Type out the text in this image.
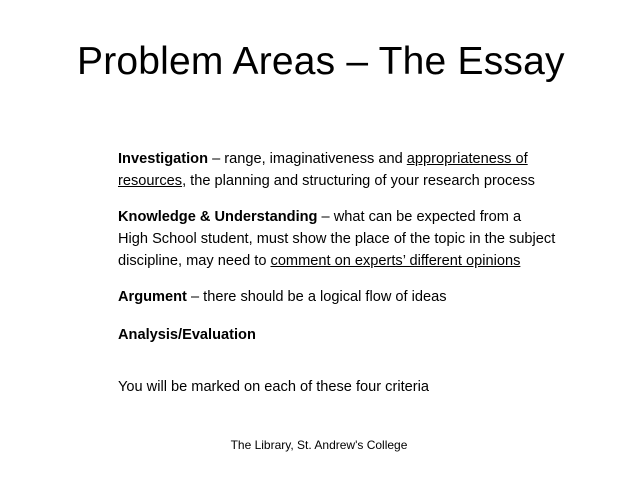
Problem Areas – The Essay

Investigation – range, imaginativeness and appropriateness of
resources, the planning and structuring of your research process

Knowledge & Understanding – what can be expected from a
High School student, must show the place of the topic in the subject
discipline, may need to comment on experts’ different opinions

Argument – there should be a logical flow of ideas

Analysis/Evaluation

You will be marked on each of these four criteria

The Library, St. Andrew's College
